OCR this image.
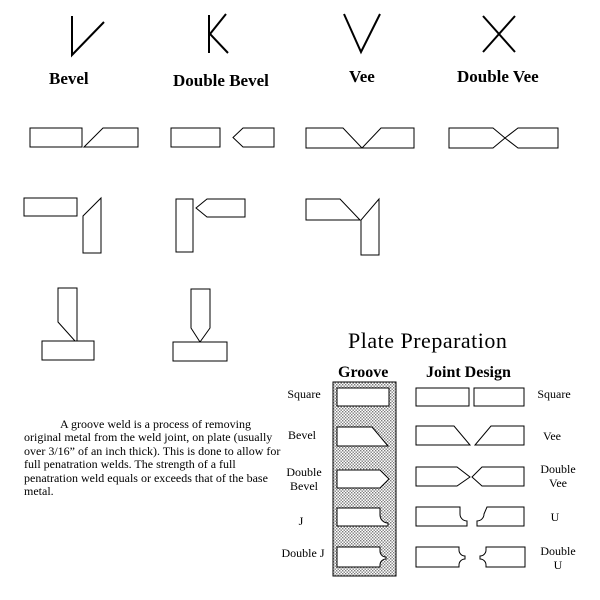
Bevel	Double Bevel	Vee	Double Vee
Plate Preparation
Groove Joint Design
Square
Bevel
Double Bevel
J
Double J
Square
Vee
Double Vee
U
Double U
A groove weld is a process of removing original metal from the weld joint, on plate (usually over 3/16” of an inch thick). This is done to allow for full penatration welds. The strength of a full penatration weld equals or exceeds that of the base metal.
